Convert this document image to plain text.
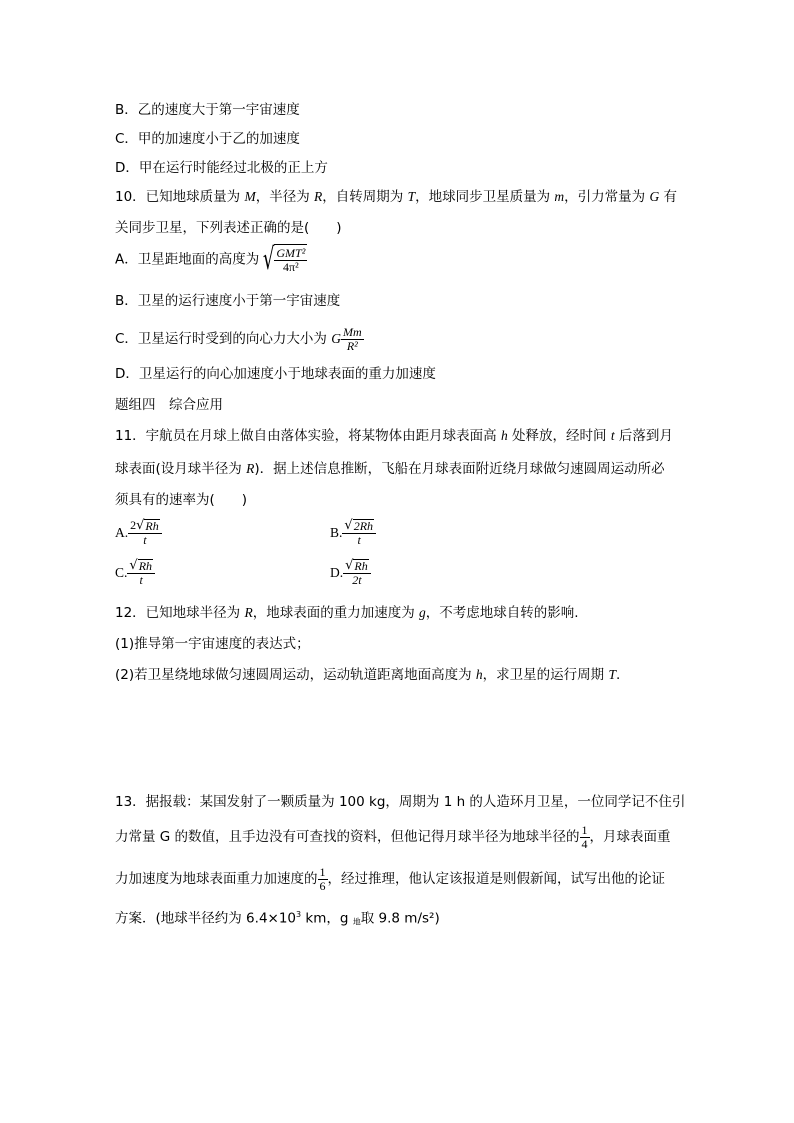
B．乙的速度大于第一宇宙速度
C．甲的加速度小于乙的加速度
D．甲在运行时能经过北极的正上方
10．已知地球质量为 M，半径为 R，自转周期为 T，地球同步卫星质量为 m，引力常量为 G 有
关同步卫星，下列表述正确的是(　　)
A．卫星距地面的高度为 √ $\frac{\text{GMT²}}{\text{4π²}}$
B．卫星的运行速度小于第一宇宙速度
C．卫星运行时受到的向心力大小为 G $\frac{Mm}{\text{R²}}$
D．卫星运行的向心加速度小于地球表面的重力加速度
题组四　综合应用
11．宇航员在月球上做自由落体实验，将某物体由距月球表面高 h 处释放，经时间 t 后落到月
球表面(设月球半径为 R)．据上述信息推断，飞船在月球表面附近绕月球做匀速圆周运动所必
须具有的速率为(　　)
A. $\frac{2 √ Rh}{t}$	B. $\frac{√ 2Rh}{t}$
C. $\frac{√ Rh}{t}$	D. $\frac{√ Rh}{2t}$
12．已知地球半径为 R，地球表面的重力加速度为 g，不考虑地球自转的影响.
(1)推导第一宇宙速度的表达式；
(2)若卫星绕地球做匀速圆周运动，运动轨道距离地面高度为 h，求卫星的运行周期 T.
13．据报载：某国发射了一颗质量为 100 kg，周期为 1 h 的人造环月卫星，一位同学记不住引
力常量 G 的数值，且手边没有可查找的资料，但他记得月球半径为地球半径的 $\frac{1}{4}$ ，月球表面重
力加速度为地球表面重力加速度的 $\frac{1}{6}$ ，经过推理，他认定该报道是则假新闻，试写出他的论证
方案．(地球半径约为 $6.4\times 10^3$ km，g $_地$取 9.8 m/s²)
